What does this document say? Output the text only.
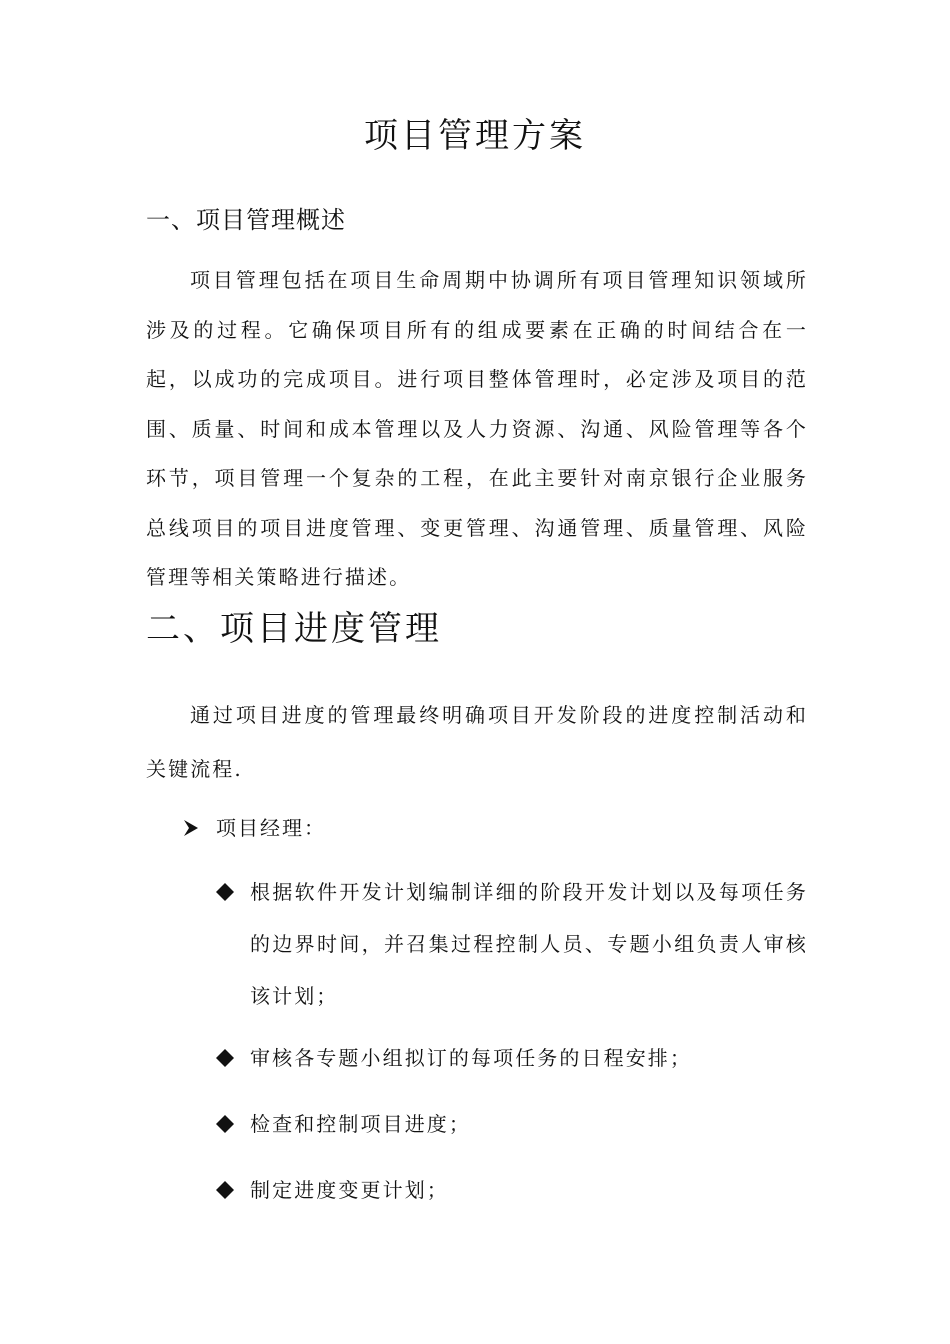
项目管理方案
一、项目管理概述

项目管理包括在项目生命周期中协调所有项目管理知识领域所涉及的过程。它确保项目所有的组成要素在正确的时间结合在一起，以成功的完成项目。进行项目整体管理时，必定涉及项目的范围、质量、时间和成本管理以及人力资源、沟通、风险管理等各个环节，项目管理一个复杂的工程，在此主要针对南京银行企业服务总线项目的项目进度管理、变更管理、沟通管理、质量管理、风险管理等相关策略进行描述。

二、项目进度管理

通过项目进度的管理最终明确项目开发阶段的进度控制活动和关键流程.

项目经理：
根据软件开发计划编制详细的阶段开发计划以及每项任务的边界时间，并召集过程控制人员、专题小组负责人审核该计划；
审核各专题小组拟订的每项任务的日程安排；
检查和控制项目进度；
制定进度变更计划；
